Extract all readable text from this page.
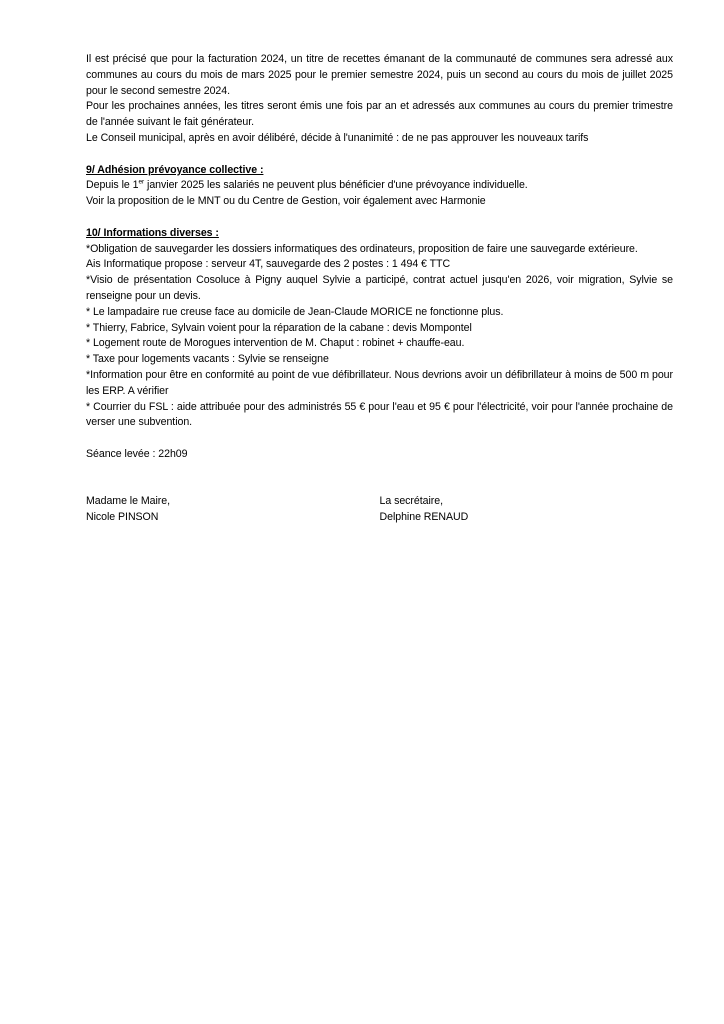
Il est précisé que pour la facturation 2024, un titre de recettes émanant de la communauté de communes sera adressé aux communes au cours du mois de mars 2025 pour le premier semestre 2024, puis un second au cours du mois de juillet 2025 pour le second semestre 2024.

Pour les prochaines années, les titres seront émis une fois par an et adressés aux communes au cours du premier trimestre de l'année suivant le fait générateur.

Le Conseil municipal, après en avoir délibéré, décide à l'unanimité : de ne pas approuver les nouveaux tarifs

9/ Adhésion prévoyance collective :

Depuis le 1er janvier 2025 les salariés ne peuvent plus bénéficier d'une prévoyance individuelle.

Voir la proposition de le MNT ou du Centre de Gestion, voir également avec Harmonie

10/ Informations diverses :

*Obligation de sauvegarder les dossiers informatiques des ordinateurs, proposition de faire une sauvegarde extérieure.

Ais Informatique propose : serveur 4T, sauvegarde des 2 postes : 1 494 € TTC

*Visio de présentation Cosoluce à Pigny auquel Sylvie a participé, contrat actuel jusqu'en 2026, voir migration, Sylvie se renseigne pour un devis.

* Le lampadaire rue creuse face au domicile de Jean-Claude MORICE ne fonctionne plus.

* Thierry, Fabrice, Sylvain voient pour la réparation de la cabane : devis Mompontel

* Logement route de Morogues intervention de M. Chaput : robinet + chauffe-eau.

* Taxe pour logements vacants : Sylvie se renseigne

*Information pour être en conformité au point de vue défibrillateur. Nous devrions avoir un défibrillateur à moins de 500 m pour les ERP. A vérifier

* Courrier du FSL : aide attribuée pour des administrés 55 € pour l'eau et 95 € pour l'électricité, voir pour l'année prochaine de verser une subvention.

Séance levée : 22h09

Madame le Maire,

Nicole PINSON

La secrétaire,

Delphine RENAUD
